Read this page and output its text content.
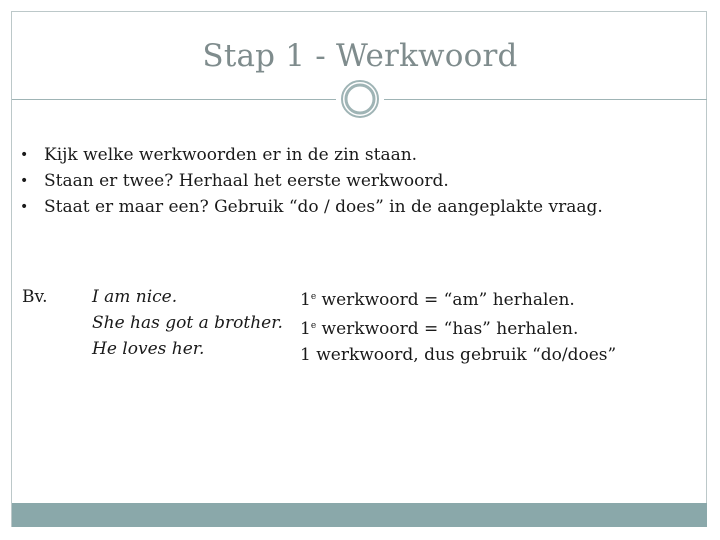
Stap 1 - Werkwoord
• Kijk welke werkwoorden er in de zin staan.
• Staan er twee? Herhaal het eerste werkwoord.
• Staat er maar een? Gebruik “do / does” in de aangeplakte vraag.
Bv.	I am nice.
She has got a brother.
He loves her.
1e werkwoord = “am” herhalen.
1e werkwoord = “has” herhalen.
1 werkwoord, dus gebruik “do/does”
